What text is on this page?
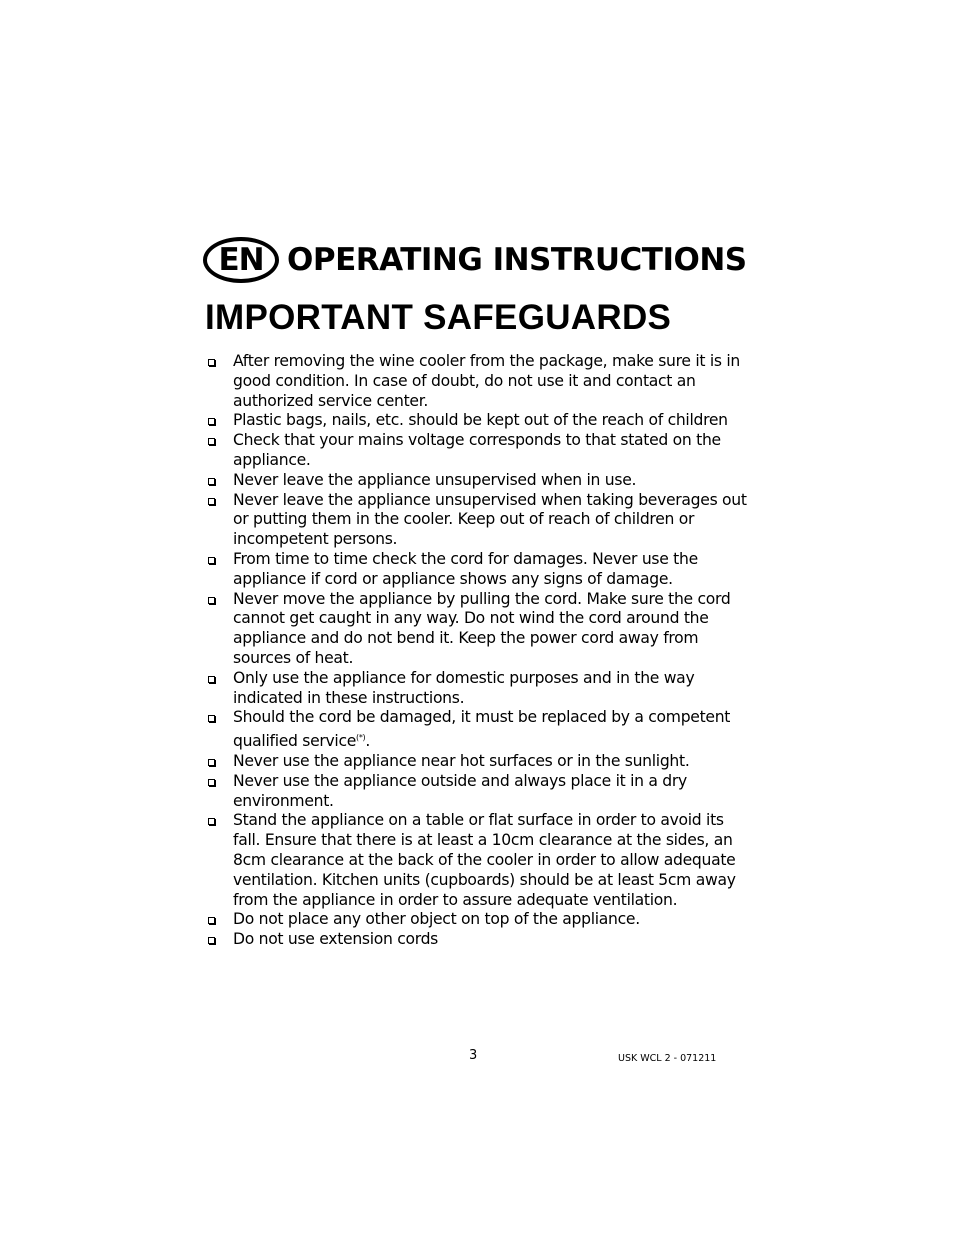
EN OPERATING INSTRUCTIONS
IMPORTANT SAFEGUARDS
After removing the wine cooler from the package, make sure it is in good condition. In case of doubt, do not use it and contact an authorized service center.
Plastic bags, nails, etc. should be kept out of the reach of children
Check that your mains voltage corresponds to that stated on the appliance.
Never leave the appliance unsupervised when in use.
Never leave the appliance unsupervised when taking beverages out or putting them in the cooler. Keep out of reach of children or incompetent persons.
From time to time check the cord for damages. Never use the appliance if cord or appliance shows any signs of damage.
Never move the appliance by pulling the cord. Make sure the cord cannot get caught in any way. Do not wind the cord around the appliance and do not bend it. Keep the power cord away from sources of heat.
Only use the appliance for domestic purposes and in the way indicated in these instructions.
Should the cord be damaged, it must be replaced by a competent qualified service(*).
Never use the appliance near hot surfaces or in the sunlight.
Never use the appliance outside and always place it in a dry environment.
Stand the appliance on a table or flat surface in order to avoid its fall. Ensure that there is at least a 10cm clearance at the sides, an 8cm clearance at the back of the cooler in order to allow adequate ventilation. Kitchen units (cupboards) should be at least 5cm away from the appliance in order to assure adequate ventilation.
Do not place any other object on top of the appliance.
Do not use extension cords
3	USK WCL 2 - 071211
